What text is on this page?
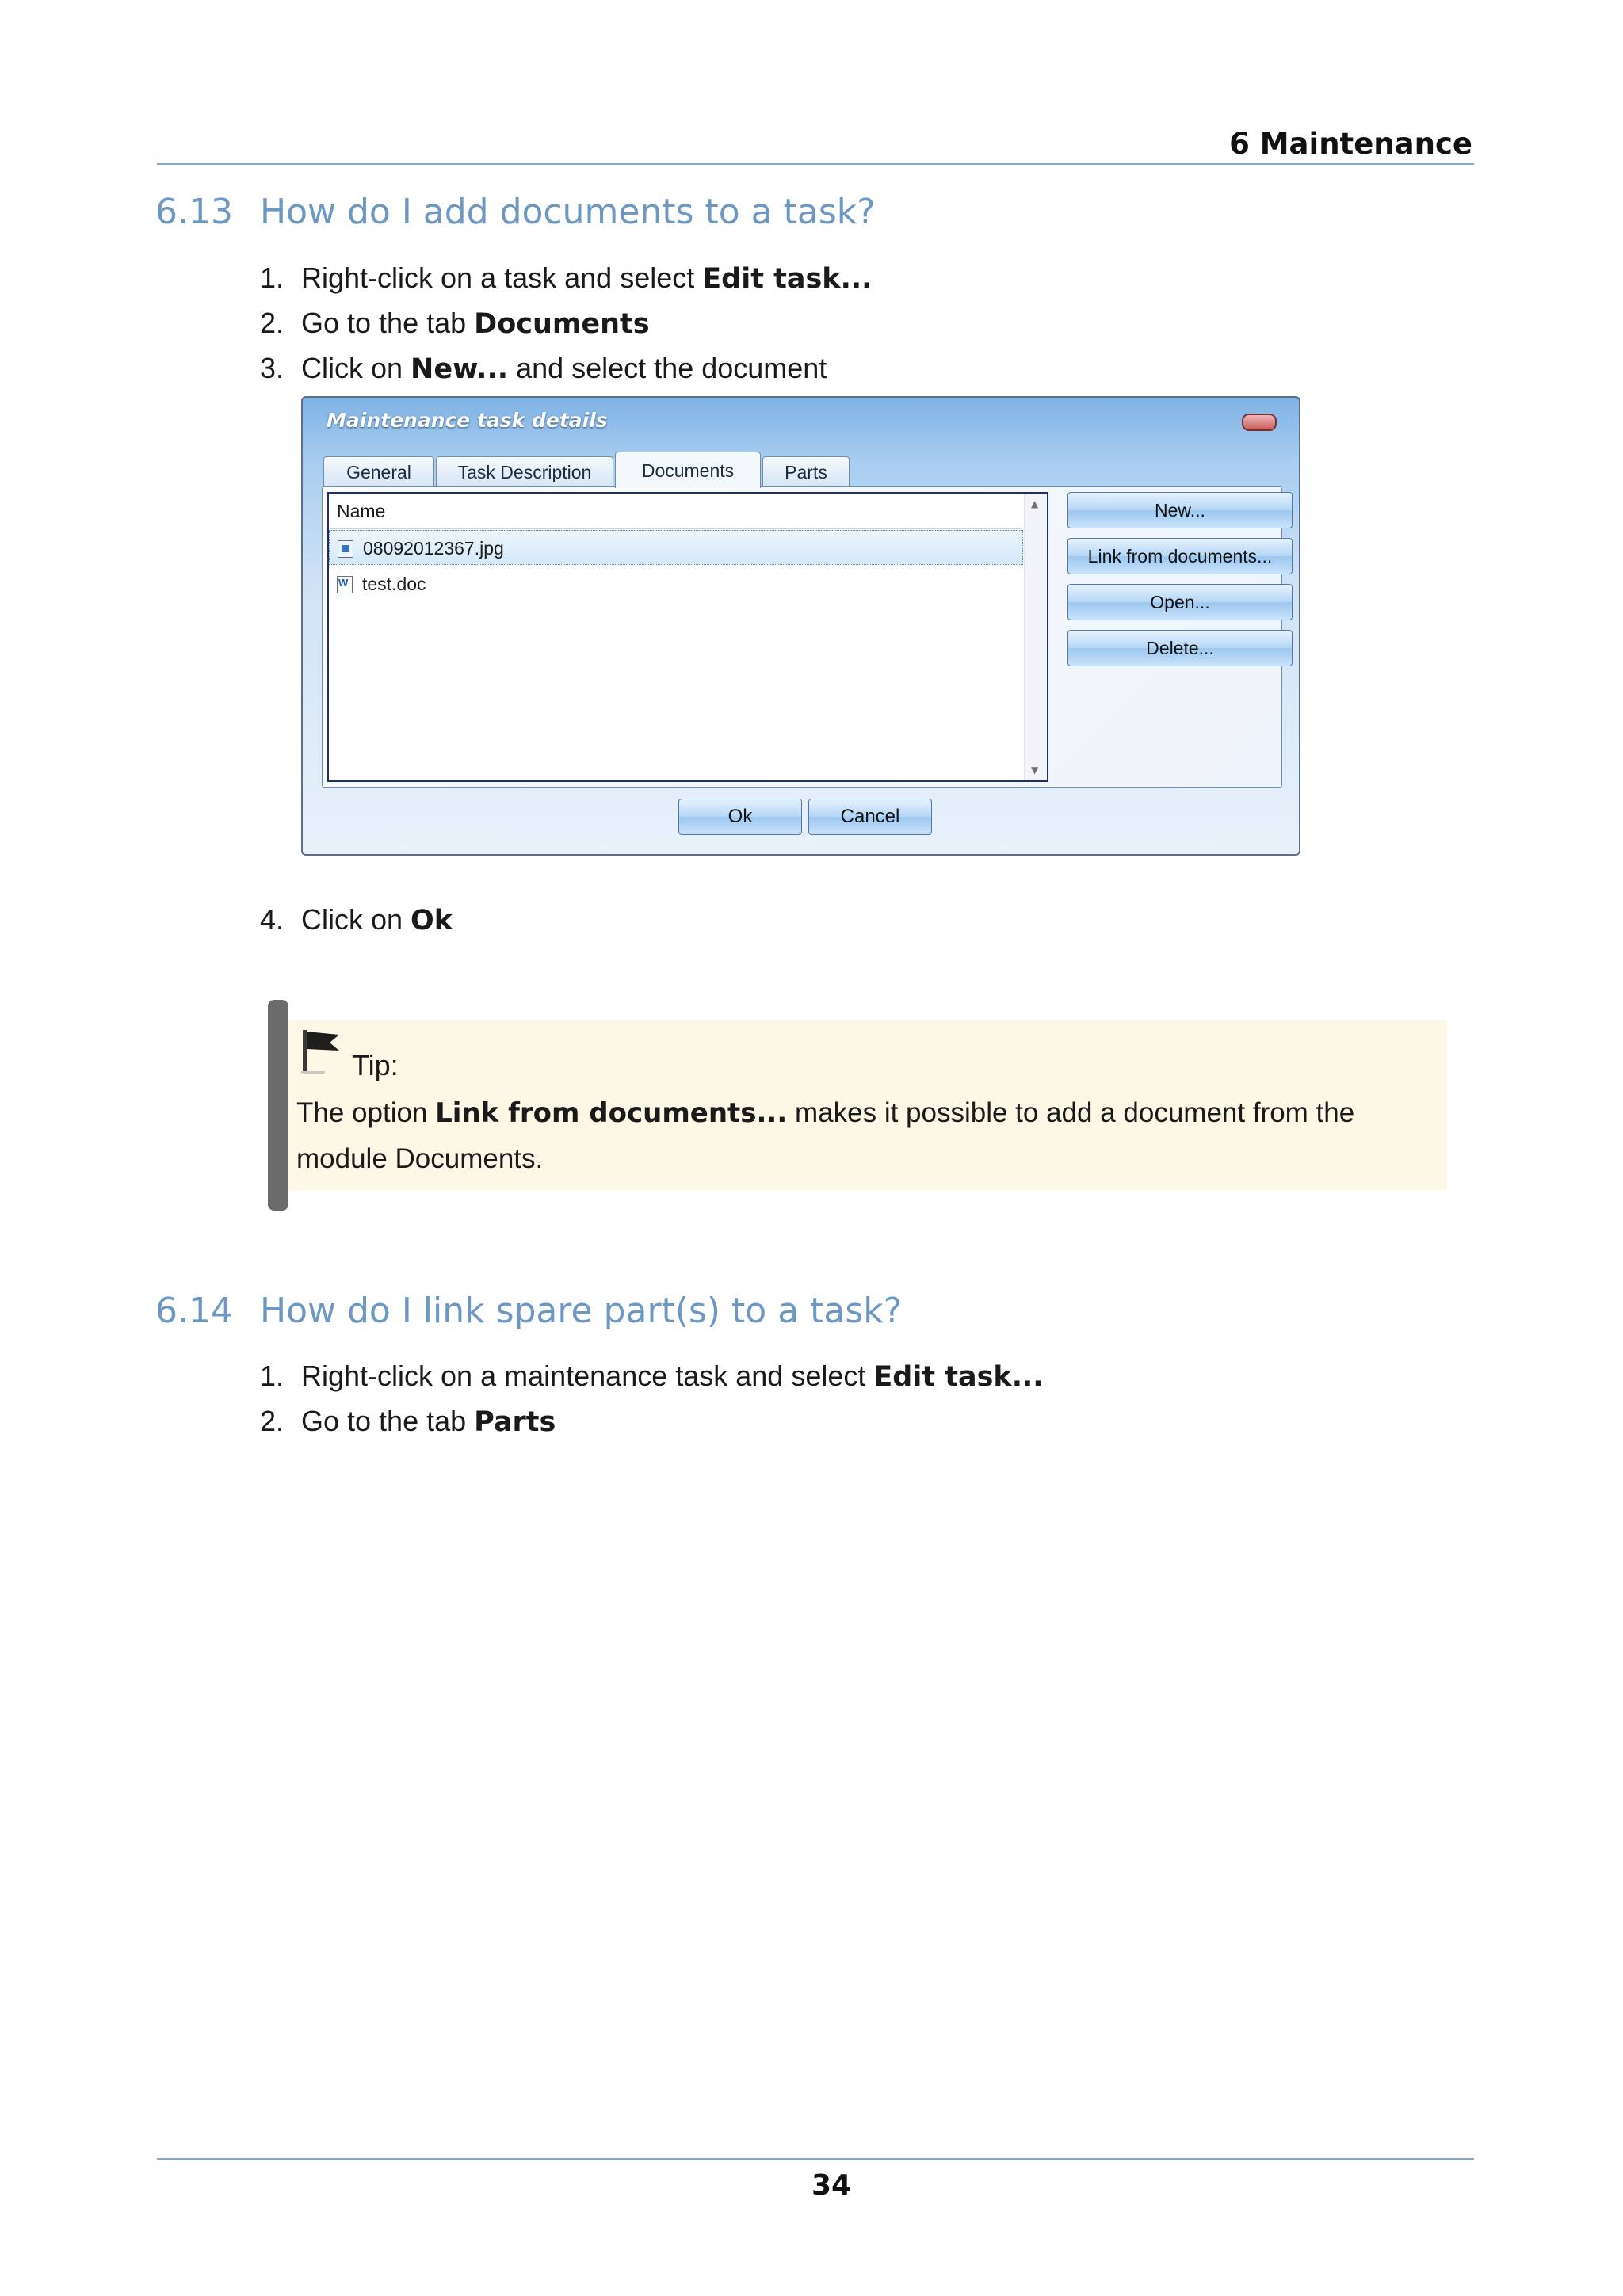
6 Maintenance
6.13 How do I add documents to a task?
1. Right-click on a task and select Edit task...
2. Go to the tab Documents
3. Click on New... and select the document
Maintenance task details
General	Task Description	Documents	Parts
Name
08092012367.jpg
W test.doc
▲
▼
New...
Link from documents...
Open...
Delete...
Ok	Cancel
4. Click on Ok
Tip:
The option Link from documents... makes it possible to add a document from the module Documents.
6.14 How do I link spare part(s) to a task?
1. Right-click on a maintenance task and select Edit task...
2. Go to the tab Parts
34
